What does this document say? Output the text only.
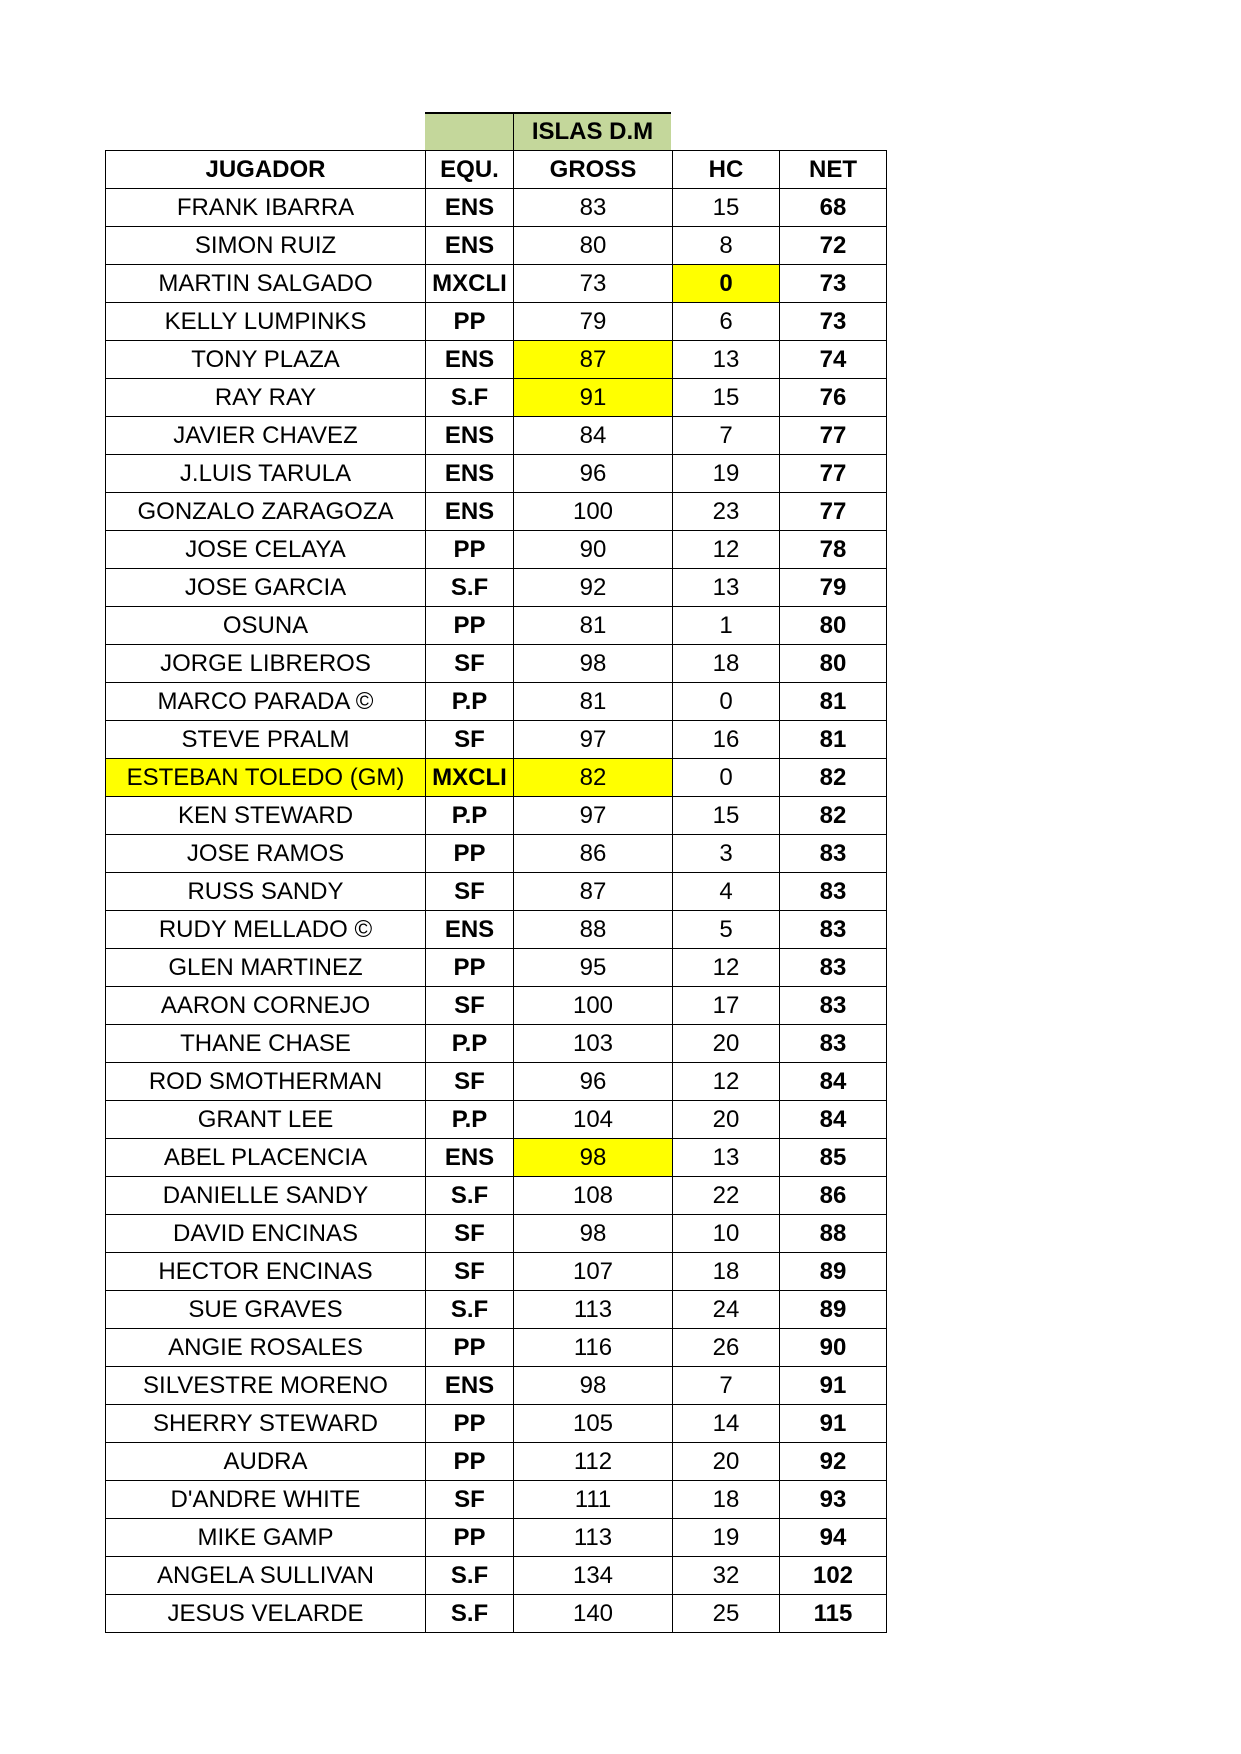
ISLAS D.M
JUGADOR	EQU.	GROSS	HC	NET
FRANK IBARRA	ENS	83	15	68
SIMON RUIZ	ENS	80	8	72
MARTIN SALGADO	MXCLI	73	0	73
KELLY LUMPINKS	PP	79	6	73
TONY PLAZA	ENS	87	13	74
RAY RAY	S.F	91	15	76
JAVIER CHAVEZ	ENS	84	7	77
J.LUIS TARULA	ENS	96	19	77
GONZALO ZARAGOZA	ENS	100	23	77
JOSE CELAYA	PP	90	12	78
JOSE GARCIA	S.F	92	13	79
OSUNA	PP	81	1	80
JORGE LIBREROS	SF	98	18	80
MARCO PARADA ©	P.P	81	0	81
STEVE PRALM	SF	97	16	81
ESTEBAN TOLEDO (GM)	MXCLI	82	0	82
KEN STEWARD	P.P	97	15	82
JOSE RAMOS	PP	86	3	83
RUSS SANDY	SF	87	4	83
RUDY MELLADO ©	ENS	88	5	83
GLEN MARTINEZ	PP	95	12	83
AARON CORNEJO	SF	100	17	83
THANE CHASE	P.P	103	20	83
ROD SMOTHERMAN	SF	96	12	84
GRANT LEE	P.P	104	20	84
ABEL PLACENCIA	ENS	98	13	85
DANIELLE SANDY	S.F	108	22	86
DAVID ENCINAS	SF	98	10	88
HECTOR ENCINAS	SF	107	18	89
SUE GRAVES	S.F	113	24	89
ANGIE ROSALES	PP	116	26	90
SILVESTRE MORENO	ENS	98	7	91
SHERRY STEWARD	PP	105	14	91
AUDRA	PP	112	20	92
D'ANDRE WHITE	SF	111	18	93
MIKE GAMP	PP	113	19	94
ANGELA SULLIVAN	S.F	134	32	102
JESUS VELARDE	S.F	140	25	115
